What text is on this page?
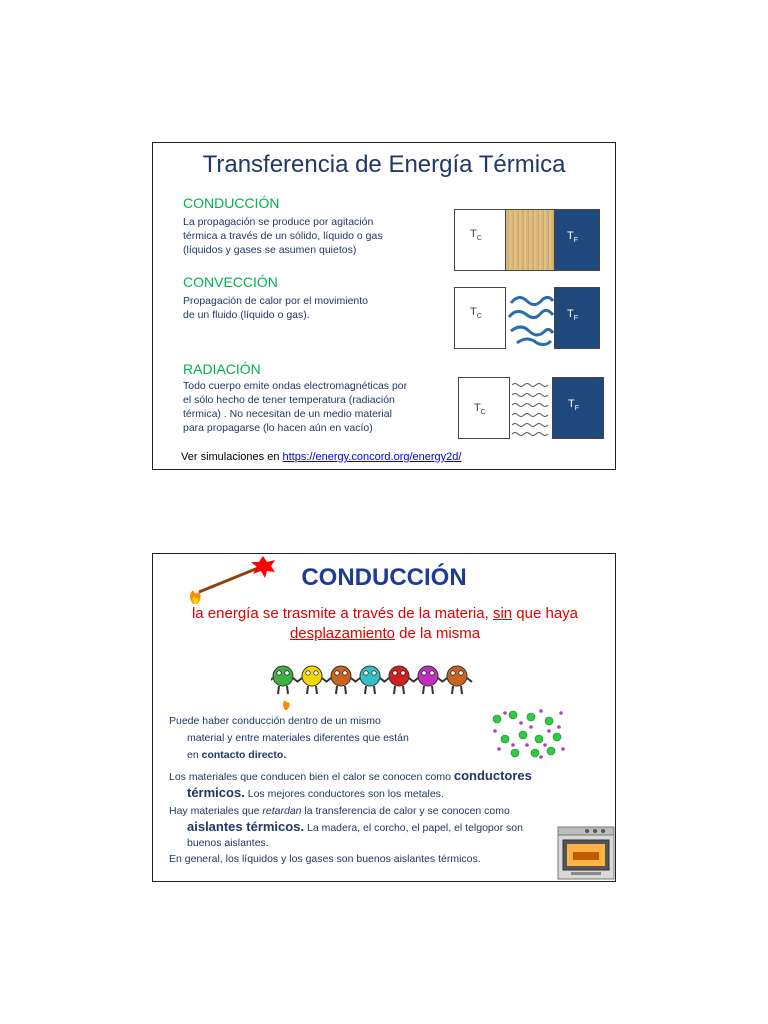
Transferencia de Energía Térmica
CONDUCCIÓN
La propagación se produce por agitación
térmica a través de un sólido, líquido o gas
(líquidos y gases se asumen quietos)
$T_C$	$T_F$
CONVECCIÓN
Propagación de calor por el movimiento
de un fluido (líquido o gas).	$T_C$	$T_F$
RADIACIÓN
Todo cuerpo emite ondas electromagnéticas por
el sólo hecho de tener temperatura (radiación
térmica) . No necesitan de un medio material
para propagarse (lo hacen aún en vacío)
$T_C$
$T_F$
Ver simulaciones en https://energy.concord.org/energy2d/
CONDUCCIÓN
la energía se trasmite a través de la materia, sin que haya
desplazamiento de la misma
Puede haber conducción dentro de un mismo
material y entre materiales diferentes que están
en contacto directo.
Los materiales que conducen bien el calor se conocen como conductores
térmicos. Los mejores conductores son los metales.
Hay materiales que retardan la transferencia de calor y se conocen como
aislantes térmicos. La madera, el corcho, el papel, el telgopor son
buenos aislantes.
En general, los líquidos y los gases son buenos aislantes térmicos.
